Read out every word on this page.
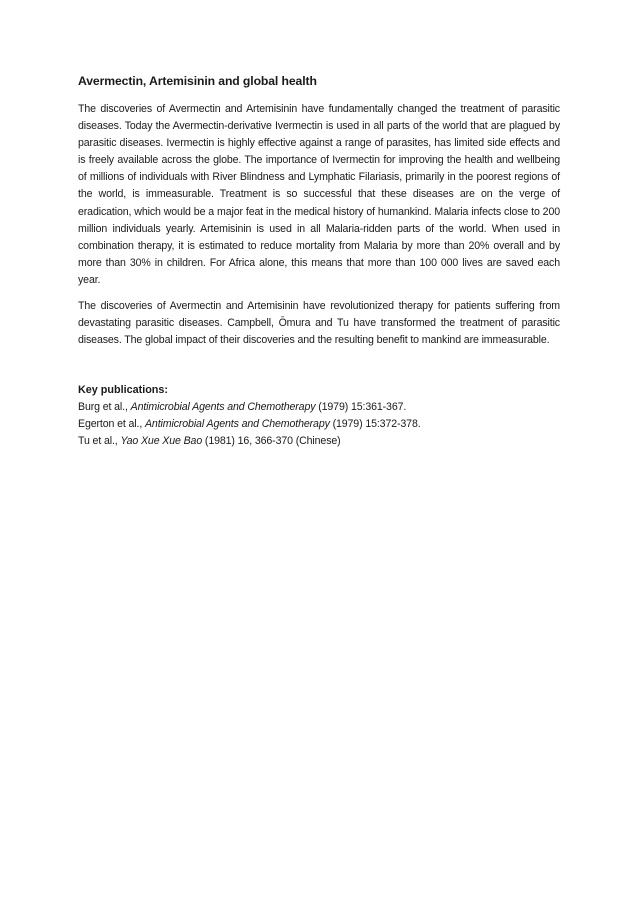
Avermectin, Artemisinin and global health

The discoveries of Avermectin and Artemisinin have fundamentally changed the treatment of parasitic diseases. Today the Avermectin-derivative Ivermectin is used in all parts of the world that are plagued by parasitic diseases. Ivermectin is highly effective against a range of parasites, has limited side effects and is freely available across the globe. The importance of Ivermectin for improving the health and wellbeing of millions of individuals with River Blindness and Lymphatic Filariasis, primarily in the poorest regions of the world, is immeasurable. Treatment is so successful that these diseases are on the verge of eradication, which would be a major feat in the medical history of humankind. Malaria infects close to 200 million individuals yearly. Artemisinin is used in all Malaria-ridden parts of the world. When used in combination therapy, it is estimated to reduce mortality from Malaria by more than 20% overall and by more than 30% in children. For Africa alone, this means that more than 100 000 lives are saved each year.

The discoveries of Avermectin and Artemisinin have revolutionized therapy for patients suffering from devastating parasitic diseases. Campbell, Ōmura and Tu have transformed the treatment of parasitic diseases. The global impact of their discoveries and the resulting benefit to mankind are immeasurable.

Key publications:

Burg et al., Antimicrobial Agents and Chemotherapy (1979) 15:361-367.

Egerton et al., Antimicrobial Agents and Chemotherapy (1979) 15:372-378.

Tu et al., Yao Xue Xue Bao (1981) 16, 366-370 (Chinese)
